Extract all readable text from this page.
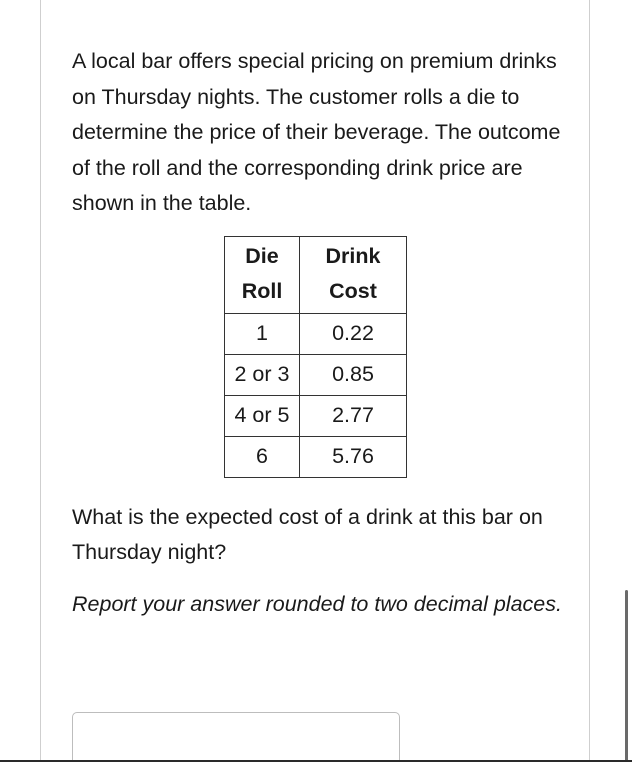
A local bar offers special pricing on premium drinks on Thursday nights. The customer rolls a die to determine the price of their beverage. The outcome of the roll and the corresponding drink price are shown in the table.

Die Roll	Drink Cost
1	0.22
2 or 3	0.85
4 or 5	2.77
6	5.76

What is the expected cost of a drink at this bar on Thursday night?

Report your answer rounded to two decimal places.
